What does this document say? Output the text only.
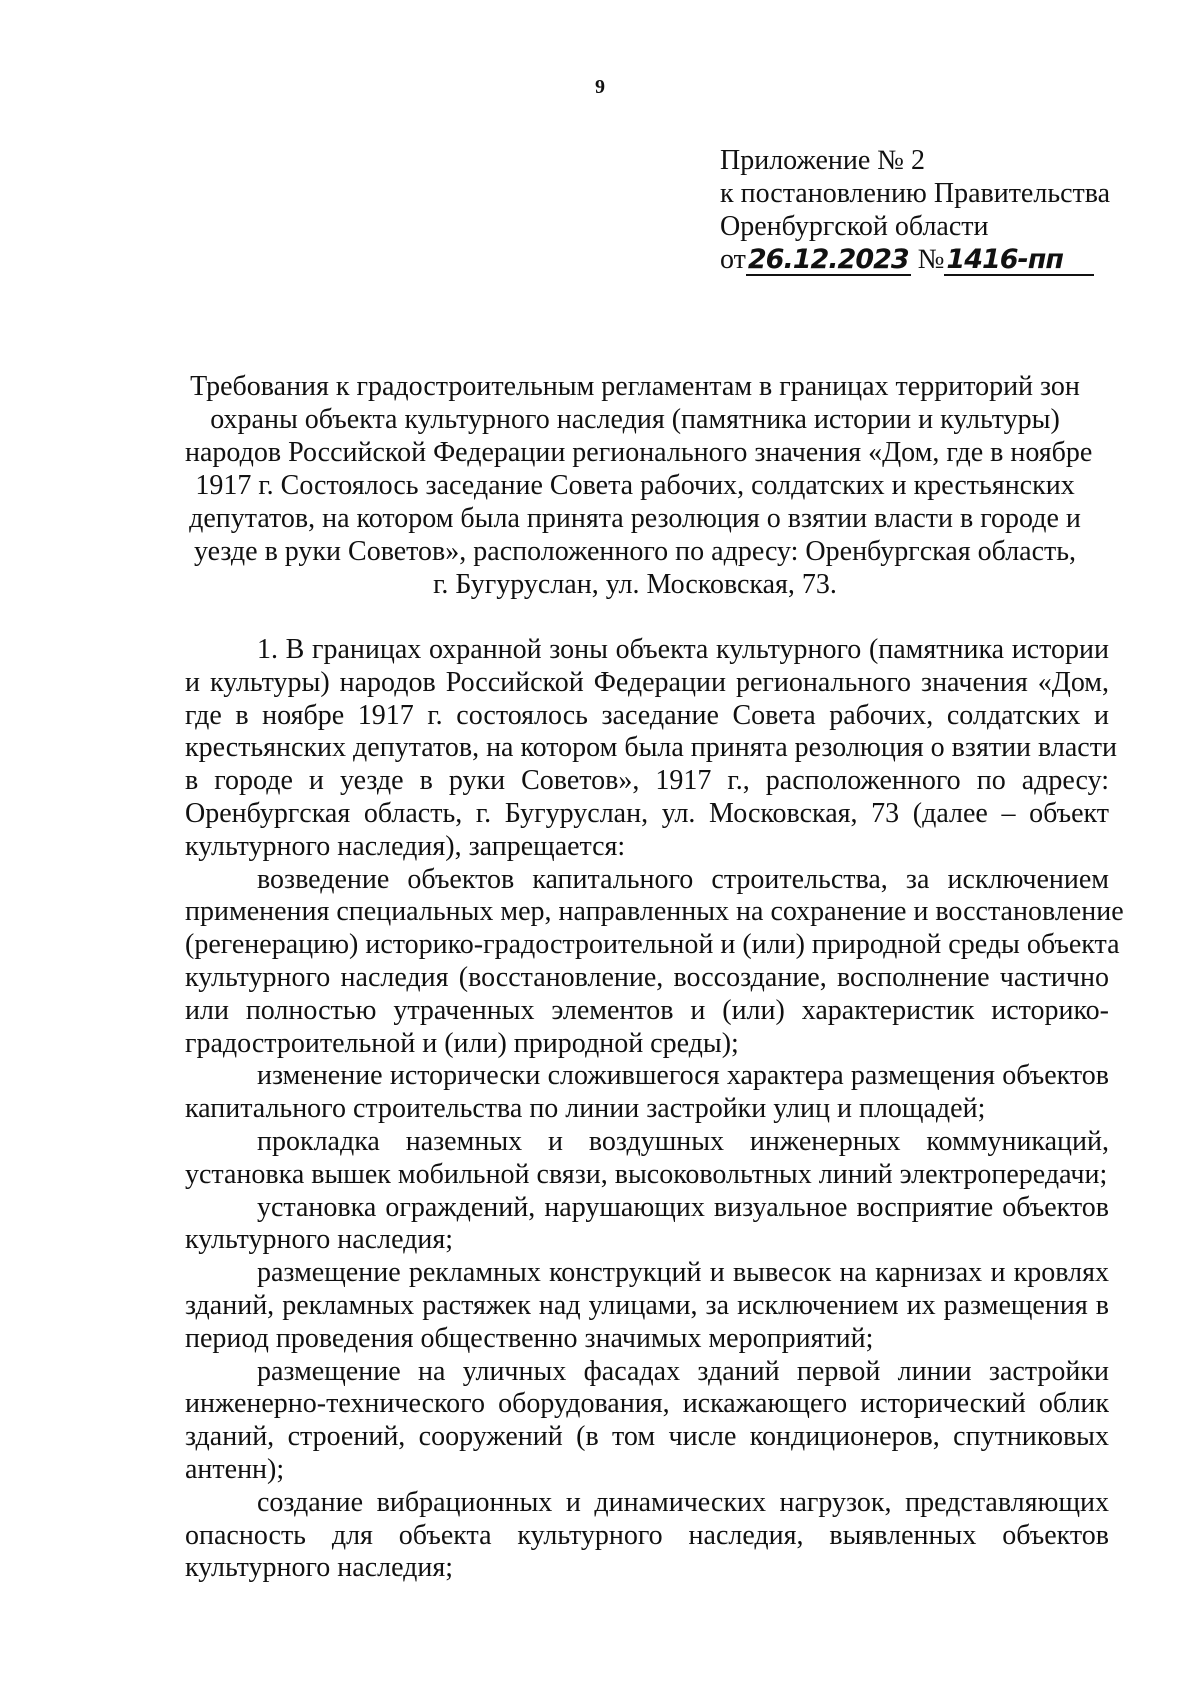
9
Приложение № 2
к постановлению Правительства
Оренбургской области
от26.12.2023 №1416-пп
Требования к градостроительным регламентам в границах территорий зон
охраны объекта культурного наследия (памятника истории и культуры)
народов Российской Федерации регионального значения «Дом, где в ноябре
1917 г. Состоялось заседание Совета рабочих, солдатских и крестьянских
депутатов, на котором была принята резолюция о взятии власти в городе и
уезде в руки Советов», расположенного по адресу: Оренбургская область,
г. Бугуруслан, ул. Московская, 73.
1. В границах охранной зоны объекта культурного (памятника истории
и культуры) народов Российской Федерации регионального значения «Дом,
где в ноябре 1917 г. состоялось заседание Совета рабочих, солдатских и
крестьянских депутатов, на котором была принята резолюция о взятии власти
в городе и уезде в руки Советов», 1917 г., расположенного по адресу:
Оренбургская область, г. Бугуруслан, ул. Московская, 73 (далее – объект
культурного наследия), запрещается:
возведение объектов капитального строительства, за исключением
применения специальных мер, направленных на сохранение и восстановление
(регенерацию) историко-градостроительной и (или) природной среды объекта
культурного наследия (восстановление, воссоздание, восполнение частично
или полностью утраченных элементов и (или) характеристик историко-
градостроительной и (или) природной среды);
изменение исторически сложившегося характера размещения объектов
капитального строительства по линии застройки улиц и площадей;
прокладка наземных и воздушных инженерных коммуникаций,
установка вышек мобильной связи, высоковольтных линий электропередачи;
установка ограждений, нарушающих визуальное восприятие объектов
культурного наследия;
размещение рекламных конструкций и вывесок на карнизах и кровлях
зданий, рекламных растяжек над улицами, за исключением их размещения в
период проведения общественно значимых мероприятий;
размещение на уличных фасадах зданий первой линии застройки
инженерно-технического оборудования, искажающего исторический облик
зданий, строений, сооружений (в том числе кондиционеров, спутниковых
антенн);
создание вибрационных и динамических нагрузок, представляющих
опасность для объекта культурного наследия, выявленных объектов
культурного наследия;
